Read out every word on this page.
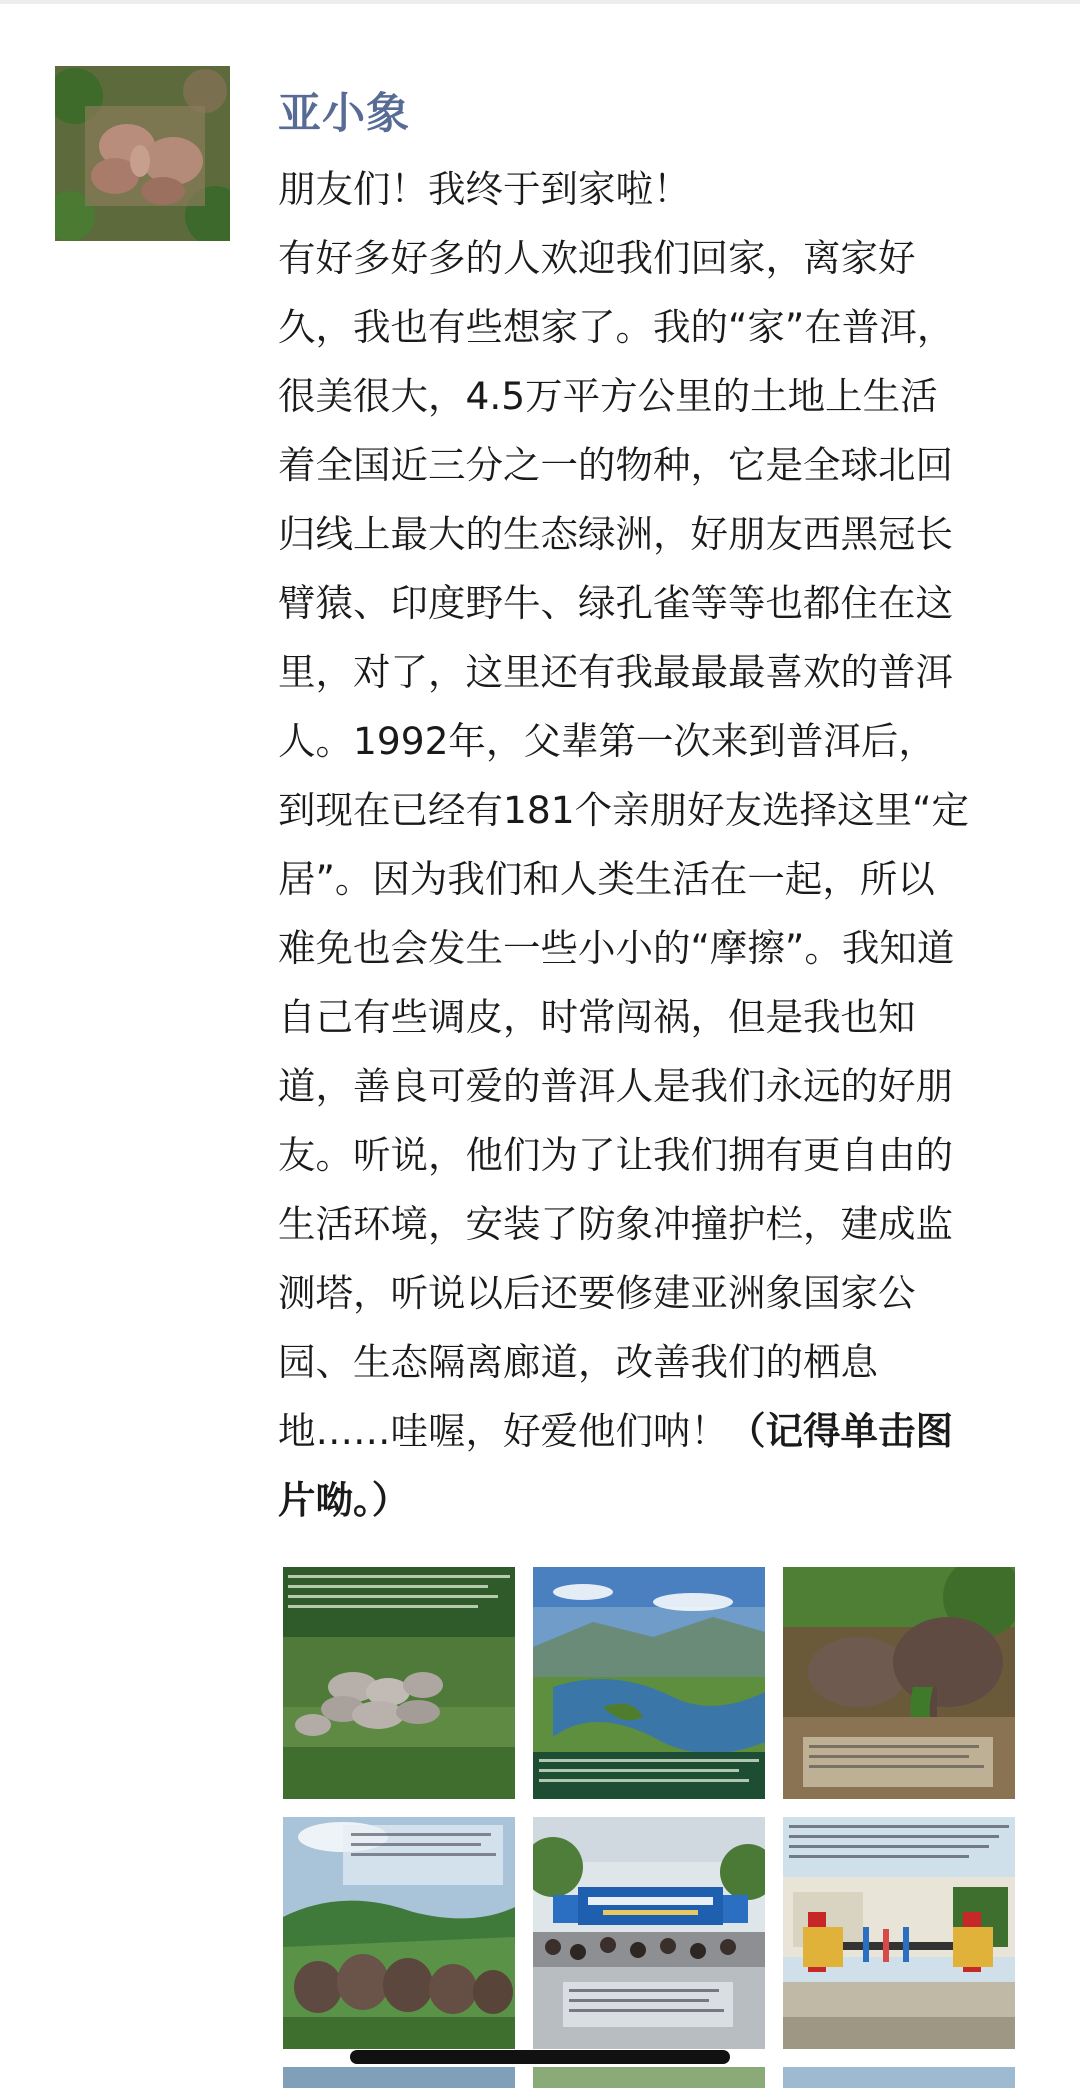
亚小象
朋友们！我终于到家啦！
有好多好多的人欢迎我们回家，离家好
久，我也有些想家了。我的“家”在普洱，
很美很大，4.5万平方公里的土地上生活
着全国近三分之一的物种，它是全球北回
归线上最大的生态绿洲，好朋友西黑冠长
臂猿、印度野牛、绿孔雀等等也都住在这
里，对了，这里还有我最最最喜欢的普洱
人。1992年，父辈第一次来到普洱后，
到现在已经有181个亲朋好友选择这里“定
居”。因为我们和人类生活在一起，所以
难免也会发生一些小小的“摩擦”。我知道
自己有些调皮，时常闯祸，但是我也知
道，善良可爱的普洱人是我们永远的好朋
友。听说，他们为了让我们拥有更自由的
生活环境，安装了防象冲撞护栏，建成监
测塔，听说以后还要修建亚洲象国家公
园、生态隔离廊道，改善我们的栖息
地……哇喔，好爱他们呐！（记得单击图
片呦。）
